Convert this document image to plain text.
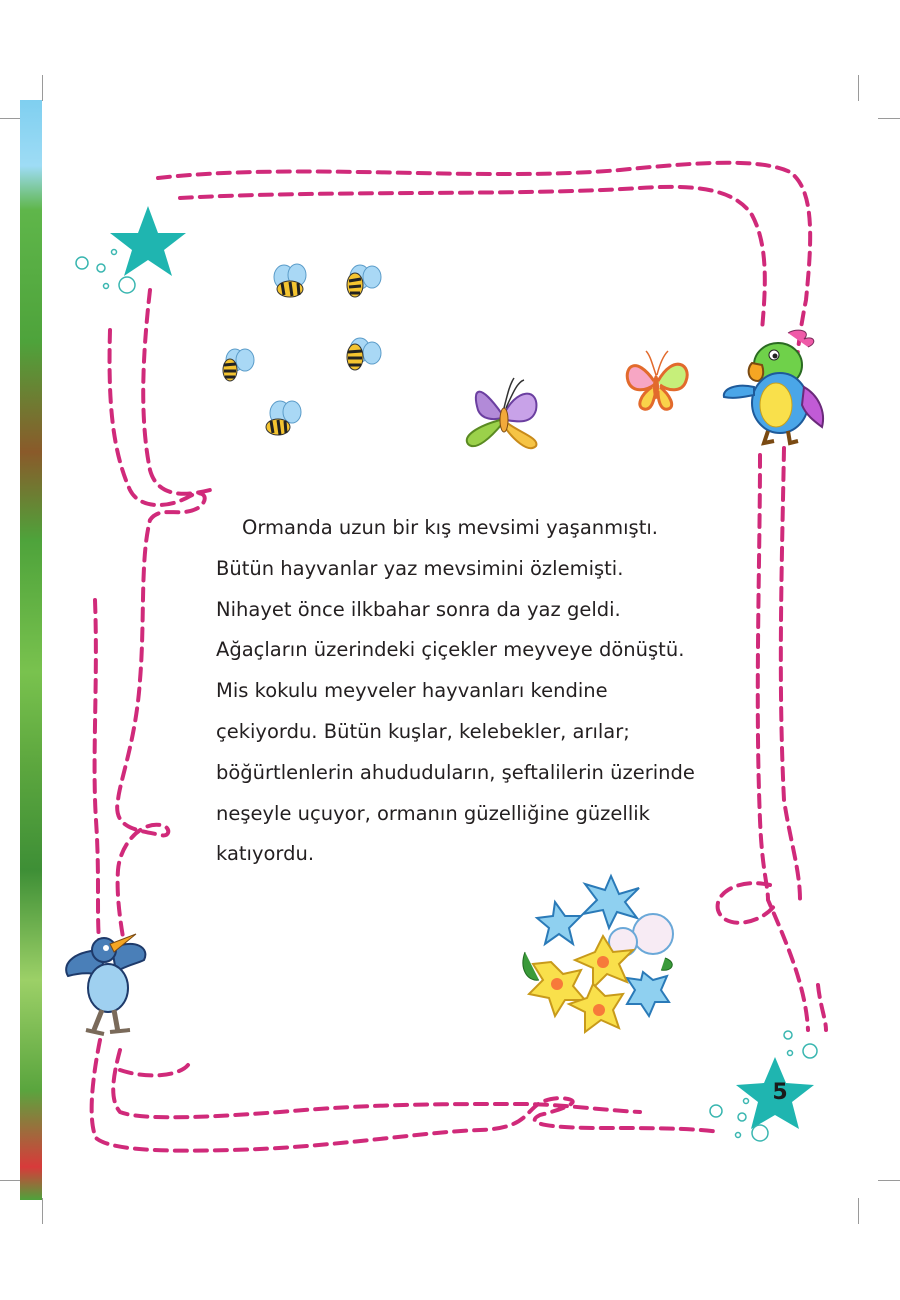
5

Ormanda uzun bir kış mevsimi yaşanmıştı.

Bütün hayvanlar yaz mevsimini özlemişti.

Nihayet önce ilkbahar sonra da yaz geldi.

Ağaçların üzerindeki çiçekler meyveye dönüştü.

Mis kokulu meyveler hayvanları kendine

çekiyordu. Bütün kuşlar, kelebekler, arılar;

böğürtlenlerin ahududuların, şeftalilerin üzerinde

neşeyle uçuyor, ormanın güzelliğine güzellik

katıyordu.
